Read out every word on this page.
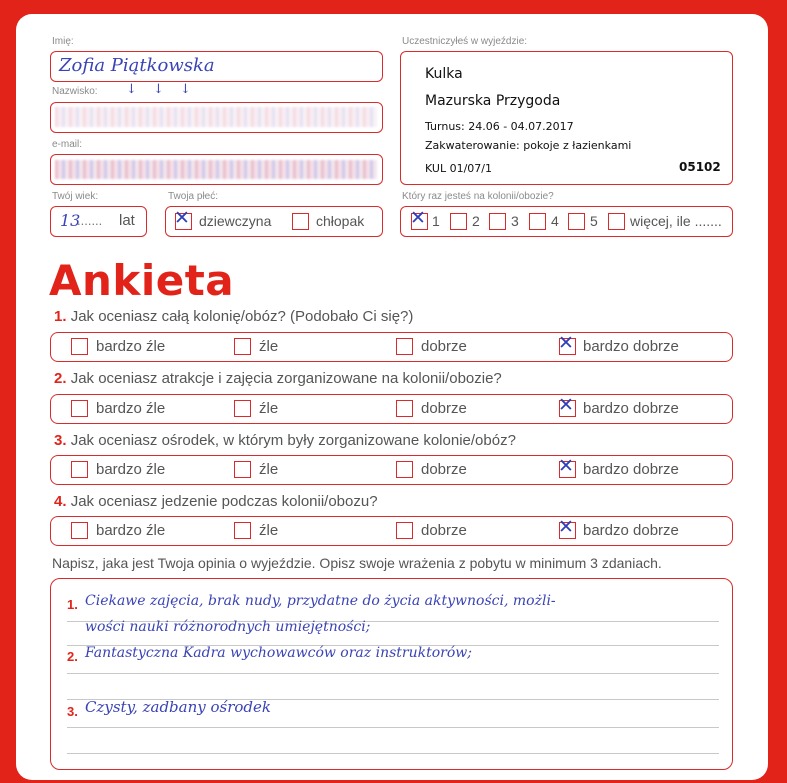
Imię:
Zofia Piątkowska
Nazwisko: ↓ ↓ ↓
e-mail:
Twój wiek:
13
....... lat
Twoja płeć:
✕ dziewczyna	chłopak
Uczestniczyłeś w wyjeździe:
Kulka
Mazurska Przygoda
Turnus: 24.06 - 04.07.2017
Zakwaterowanie: pokoje z łazienkami
KUL 01/07/1	05102
Który raz jesteś na kolonii/obozie?
✕ 1 2 3 4 5 więcej, ile .......
Ankieta
1. Jak oceniasz całą kolonię/obóz? (Podobało Ci się?)
bardzo źle	źle	dobrze	✕ bardzo dobrze
2. Jak oceniasz atrakcje i zajęcia zorganizowane na kolonii/obozie?
bardzo źle	źle	dobrze	✕ bardzo dobrze
3. Jak oceniasz ośrodek, w którym były zorganizowane kolonie/obóz?
bardzo źle	źle	dobrze	✕ bardzo dobrze
4. Jak oceniasz jedzenie podczas kolonii/obozu?
bardzo źle	źle	dobrze	✕ bardzo dobrze
Napisz, jaka jest Twoja opinia o wyjeździe. Opisz swoje wrażenia z pobytu w minimum 3 zdaniach.
1. Ciekawe zajęcia, brak nudy, przydatne do życia aktywności, możli-
wości nauki różnorodnych umiejętności;
2. Fantastyczna Kadra wychowawców oraz instruktorów;
3. Czysty, zadbany ośrodek
